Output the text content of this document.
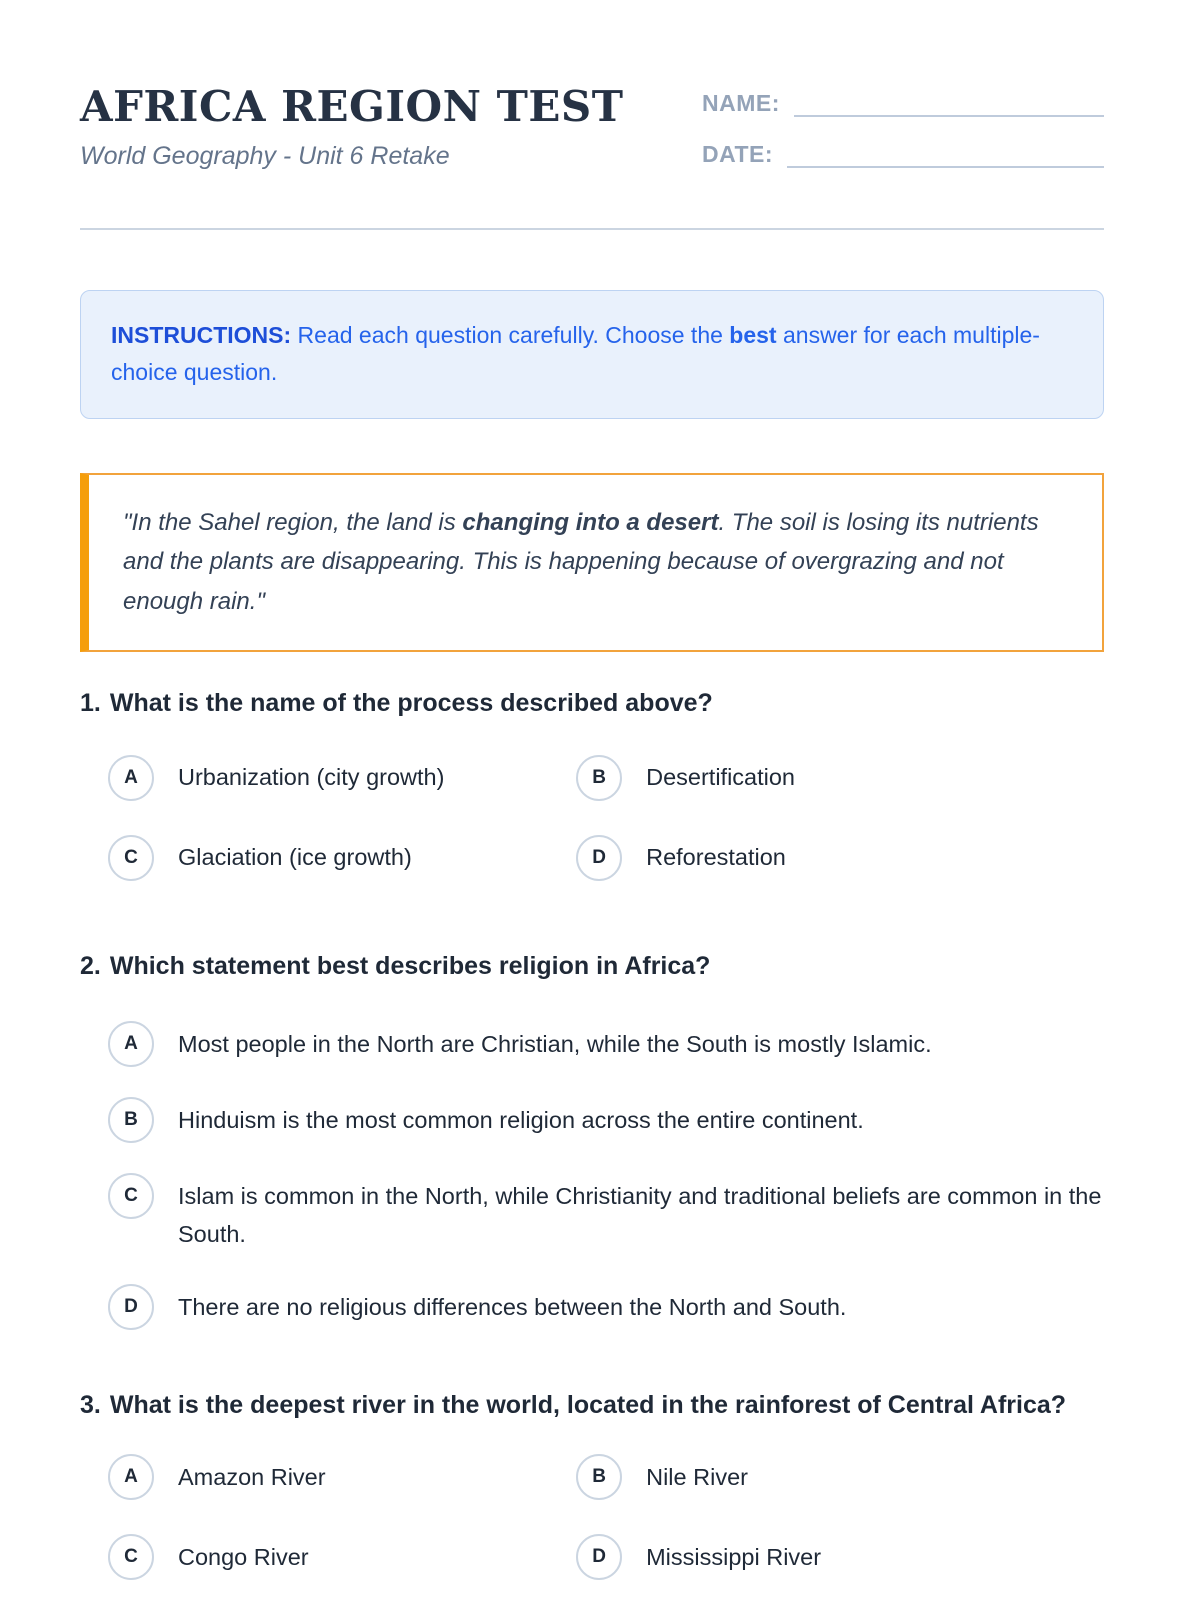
AFRICA REGION TEST
World Geography - Unit 6 Retake
NAME:
DATE:
INSTRUCTIONS: Read each question carefully. Choose the best answer for each multiple-choice question.
"In the Sahel region, the land is changing into a desert. The soil is losing its nutrients and the plants are disappearing. This is happening because of overgrazing and not enough rain."
1. What is the name of the process described above?
A Urbanization (city growth)	B Desertification
C Glaciation (ice growth)	D Reforestation
2. Which statement best describes religion in Africa?
A Most people in the North are Christian, while the South is mostly Islamic.
B Hinduism is the most common religion across the entire continent.
C Islam is common in the North, while Christianity and traditional beliefs are common in the South.
D There are no religious differences between the North and South.
3. What is the deepest river in the world, located in the rainforest of Central Africa?
A Amazon River	B Nile River
C Congo River	D Mississippi River
